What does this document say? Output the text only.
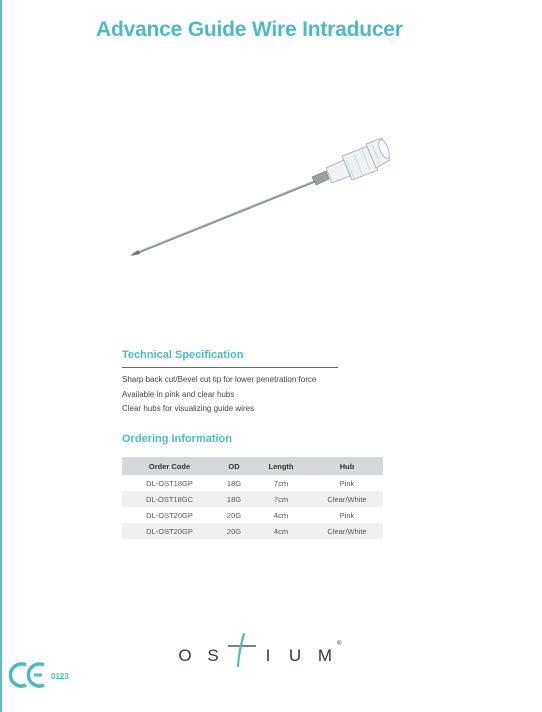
Advance Guide Wire Intraducer
Technical Specification
Sharp back cut/Bevel cut tip for lower penetration force
Available in pink and clear hubs
Clear hubs for visualizing guide wires
Ordering Information
Order Code	OD	Length	Hub
DL-OST18GP	18G	7cm	Pink
DL-OST18GC	18G	7cm	Clear/White
DL-OST20GP	20G	4cm	Pink
DL-OST20GP	20G	4cm	Clear/White
O S	I U M
®
0123
